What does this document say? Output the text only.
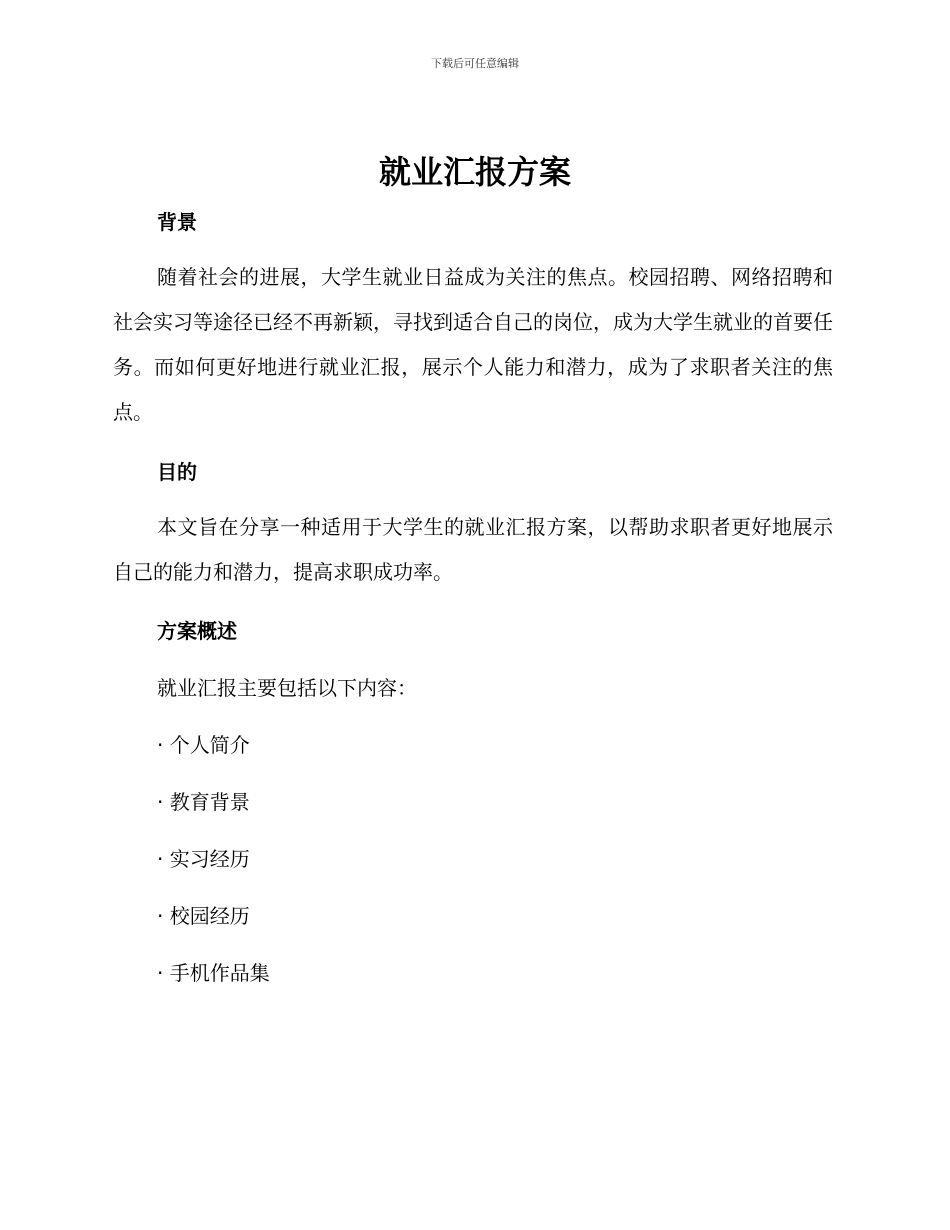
下载后可任意编辑
就业汇报方案
背景
随着社会的进展，大学生就业日益成为关注的焦点。校园招聘、网络招聘和社会实习等途径已经不再新颖，寻找到适合自己的岗位，成为大学生就业的首要任务。而如何更好地进行就业汇报，展示个人能力和潜力，成为了求职者关注的焦点。
目的
本文旨在分享一种适用于大学生的就业汇报方案，以帮助求职者更好地展示自己的能力和潜力，提高求职成功率。
方案概述
就业汇报主要包括以下内容：
· 个人简介
· 教育背景
· 实习经历
· 校园经历
· 手机作品集
